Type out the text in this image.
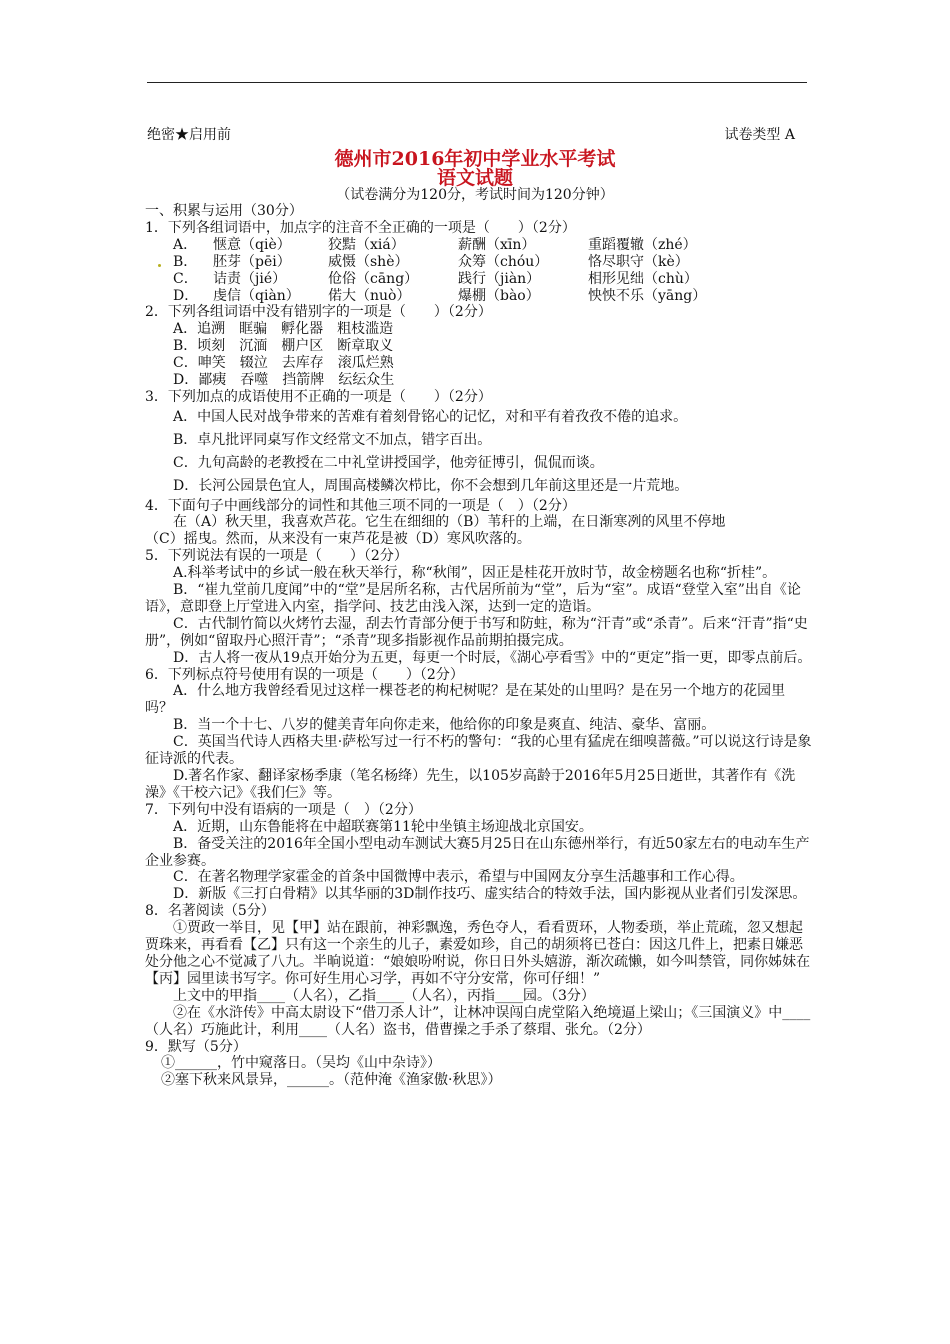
绝密★启用前	试卷类型 A
德州市2016年初中学业水平考试
语文试题
（试卷满分为120分，考试时间为120分钟）

一、积累与运用（30分）

1．下列各组词语中，加点字的注音不全正确的一项是（　　）（2分）

A．	惬意（qiè）	狡黠（xiá）	薪酬（xīn）	重蹈覆辙（zhé）
B．	胚芽（pēi）	威慑（shè）	众筹（chóu）	恪尽职守（kè）
C．	诘责（jié）	伧俗（cāng）	践行（jiàn）	相形见绌（chù）
D．	虔信（qiàn）	偌大（nuò）	爆棚（bào）	怏怏不乐（yāng）

2．下列各组词语中没有错别字的一项是（　　）（2分）

A．追溯　眶骗　孵化器　粗枝滥造

B．顷刻　沉湎　棚户区　断章取义

C．呻笑　辍泣　去库存　滚瓜烂熟

D．鄙痍　吞噬　挡箭牌　纭纭众生

3．下列加点的成语使用不正确的一项是（　　）（2分）

A．中国人民对战争带来的苦难有着刻骨铭心的记忆，对和平有着孜孜不倦的追求。

B．卓凡批评同桌写作文经常文不加点，错字百出。

C．九旬高龄的老教授在二中礼堂讲授国学，他旁征博引，侃侃而谈。

D．长河公园景色宜人，周围高楼鳞次栉比，你不会想到几年前这里还是一片荒地。

4．下面句子中画线部分的词性和其他三项不同的一项是（　）（2分）

在（A）秋天里，我喜欢芦花。它生在细细的（B）苇秆的上端，在日渐寒冽的风里不停地

（C）摇曳。然而，从来没有一束芦花是被（D）寒风吹落的。

5．下列说法有误的一项是（　　）（2分）

A.科举考试中的乡试一般在秋天举行，称“秋闱”，因正是桂花开放时节，故金榜题名也称“折桂”。

B．“崔九堂前几度闻”中的“堂”是居所名称，古代居所前为“堂”，后为“室”。成语“登堂入室”出自《论语》，意即登上厅堂进入内室，指学问、技艺由浅入深，达到一定的造诣。

C．古代制竹简以火烤竹去湿，刮去竹青部分便于书写和防蛀，称为“汗青”或“杀青”。后来“汗青”指“史册”，例如“留取丹心照汗青”；“杀青”现多指影视作品前期拍摄完成。

D．古人将一夜从19点开始分为五更，每更一个时辰，《湖心亭看雪》中的“更定”指一更，即零点前后。

6．下列标点符号使用有误的一项是（　　）（2分）

A．什么地方我曾经看见过这样一棵苍老的枸杞树呢？是在某处的山里吗？是在另一个地方的花园里吗？

B．当一个十七、八岁的健美青年向你走来，他给你的印象是爽直、纯洁、豪华、富丽。

C．英国当代诗人西格夫里·萨松写过一行不朽的警句：“我的心里有猛虎在细嗅蔷薇。”可以说这行诗是象征诗派的代表。

D.著名作家、翻译家杨季康（笔名杨绛）先生，以105岁高龄于2016年5月25日逝世，其著作有《洗澡》《干校六记》《我们仨》等。

7．下列句中没有语病的一项是（　）（2分）

A．近期，山东鲁能将在中超联赛第11轮中坐镇主场迎战北京国安。

B．备受关注的2016年全国小型电动车测试大赛5月25日在山东德州举行，有近50家左右的电动车生产企业参赛。

C．在著名物理学家霍金的首条中国微博中表示，希望与中国网友分享生活趣事和工作心得。

D．新版《三打白骨精》以其华丽的3D制作技巧、虚实结合的特效手法，国内影视从业者们引发深思。

8．名著阅读（5分）

①贾政一举目，见【甲】站在跟前，神彩飘逸，秀色夺人，看看贾环，人物委琐，举止荒疏，忽又想起贾珠来，再看看【乙】只有这一个亲生的儿子，素爱如珍，自己的胡须将已苍白：因这几件上，把素日嫌恶处分他之心不觉减了八九。半晌说道：“娘娘吩咐说，你日日外头嬉游，渐次疏懒，如今叫禁管，同你姊妹在【丙】园里读书写字。你可好生用心习学，再如不守分安常，你可仔细！”

上文中的甲指____（人名），乙指____（人名），丙指____园。（3分）

②在《水浒传》中高太尉设下“借刀杀人计”，让林冲误闯白虎堂陷入绝境逼上梁山；《三国演义》中____（人名）巧施此计，利用____（人名）盗书，借曹操之手杀了蔡瑁、张允。（2分）

9．默写（5分）

①______，竹中窥落日。（吴均《山中杂诗》）

②塞下秋来风景异，______。（范仲淹《渔家傲·秋思》）
